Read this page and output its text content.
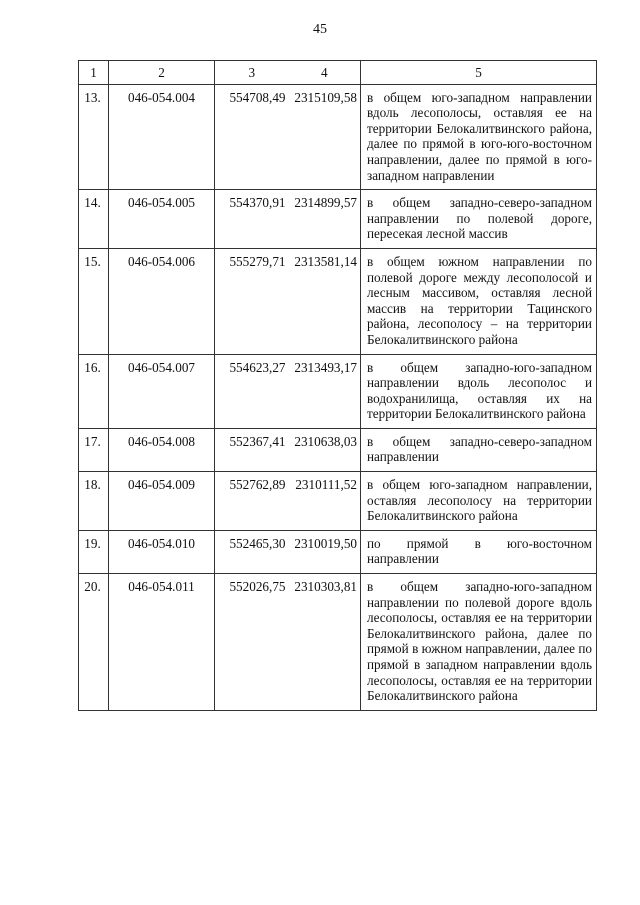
45
1	2	3	4	5
13.	046-054.004	554708,49	2315109,58	в общем юго-западном направлении вдоль лесополосы, оставляя ее на территории Белокалитвинского района, далее по прямой в юго-юго-восточном направлении, далее по прямой в юго-западном направлении
14.	046-054.005	554370,91	2314899,57	в общем западно-северо-западном направлении по полевой дороге, пересекая лесной массив
15.	046-054.006	555279,71	2313581,14	в общем южном направлении по полевой дороге между лесополосой и лесным массивом, оставляя лесной массив на территории Тацинского района, лесополосу – на территории Белокалитвинского района
16.	046-054.007	554623,27	2313493,17	в общем западно-юго-западном направлении вдоль лесополос и водохранилища, оставляя их на территории Белокалитвинского района
17.	046-054.008	552367,41	2310638,03	в общем западно-северо-западном направлении
18.	046-054.009	552762,89	2310111,52	в общем юго-западном направлении, оставляя лесополосу на территории Белокалитвинского района
19.	046-054.010	552465,30	2310019,50	по прямой в юго-восточном направлении
20.	046-054.011	552026,75	2310303,81	в общем западно-юго-западном направлении по полевой дороге вдоль лесополосы, оставляя ее на территории Белокалитвинского района, далее по прямой в южном направлении, далее по прямой в западном направлении вдоль лесополосы, оставляя ее на территории Белокалитвинского района
